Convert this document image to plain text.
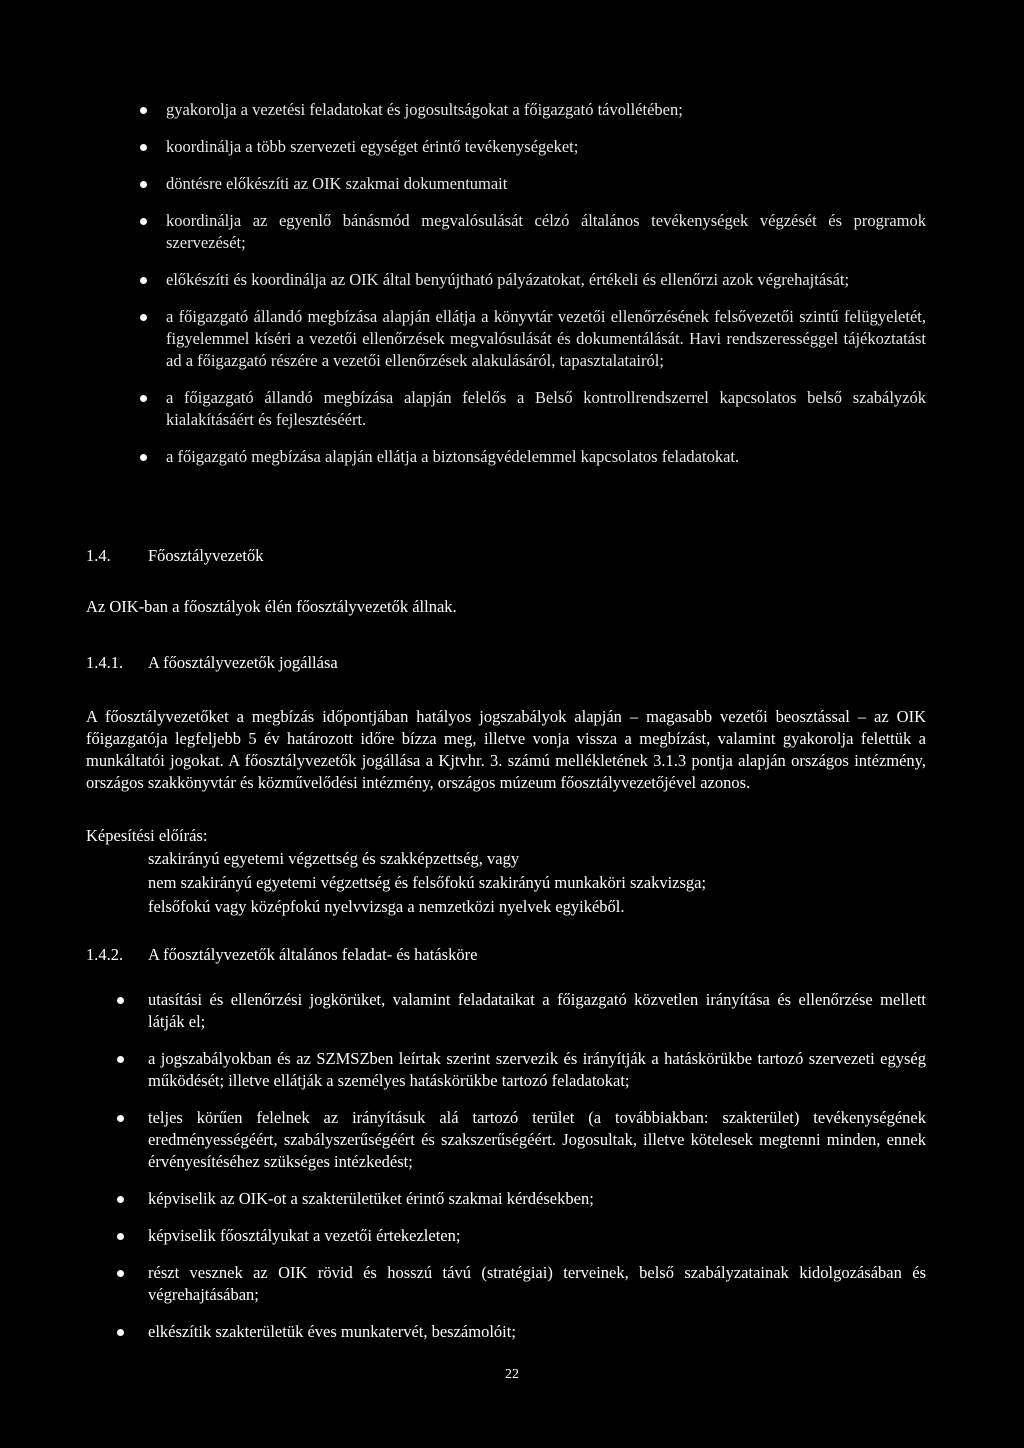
gyakorolja a vezetési feladatokat és jogosultságokat a főigazgató távollétében;
koordinálja a több szervezeti egységet érintő tevékenységeket;
döntésre előkészíti az OIK szakmai dokumentumait
koordinálja az egyenlő bánásmód megvalósulását célzó általános tevékenységek végzését és programok szervezését;
előkészíti és koordinálja az OIK által benyújtható pályázatokat, értékeli és ellenőrzi azok végrehajtását;
a főigazgató állandó megbízása alapján ellátja a könyvtár vezetői ellenőrzésének felsővezetői szintű felügyeletét, figyelemmel kíséri a vezetői ellenőrzések megvalósulását és dokumentálását. Havi rendszerességgel tájékoztatást ad a főigazgató részére a vezetői ellenőrzések alakulásáról, tapasztalatairól;
a főigazgató állandó megbízása alapján felelős a Belső kontrollrendszerrel kapcsolatos belső szabályzók kialakításáért és fejlesztéséért.
a főigazgató megbízása alapján ellátja a biztonságvédelemmel kapcsolatos feladatokat.
1.4. Főosztályvezetők
Az OIK-ban a főosztályok élén főosztályvezetők állnak.
1.4.1. A főosztályvezetők jogállása
A főosztályvezetőket a megbízás időpontjában hatályos jogszabályok alapján – magasabb vezetői beosztással – az OIK főigazgatója legfeljebb 5 év határozott időre bízza meg, illetve vonja vissza a megbízást, valamint gyakorolja felettük a munkáltatói jogokat. A főosztályvezetők jogállása a Kjtvhr. 3. számú mellékletének 3.1.3 pontja alapján országos intézmény, országos szakkönyvtár és közművelődési intézmény, országos múzeum főosztályvezetőjével azonos.
Képesítési előírás:
szakirányú egyetemi végzettség és szakképzettség, vagy
nem szakirányú egyetemi végzettség és felsőfokú szakirányú munkaköri szakvizsga;
felsőfokú vagy középfokú nyelvvizsga a nemzetközi nyelvek egyikéből.
1.4.2. A főosztályvezetők általános feladat- és hatásköre
utasítási és ellenőrzési jogkörüket, valamint feladataikat a főigazgató közvetlen irányítása és ellenőrzése mellett látják el;
a jogszabályokban és az SZMSZben leírtak szerint szervezik és irányítják a hatáskörükbe tartozó szervezeti egység működését; illetve ellátják a személyes hatáskörükbe tartozó feladatokat;
teljes körűen felelnek az irányításuk alá tartozó terület (a továbbiakban: szakterület) tevékenységének eredményességéért, szabályszerűségéért és szakszerűségéért. Jogosultak, illetve kötelesek megtenni minden, ennek érvényesítéséhez szükséges intézkedést;
képviselik az OIK-ot a szakterületüket érintő szakmai kérdésekben;
képviselik főosztályukat a vezetői értekezleten;
részt vesznek az OIK rövid és hosszú távú (stratégiai) terveinek, belső szabályzatainak kidolgozásában és végrehajtásában;
elkészítik szakterületük éves munkatervét, beszámolóit;
22
